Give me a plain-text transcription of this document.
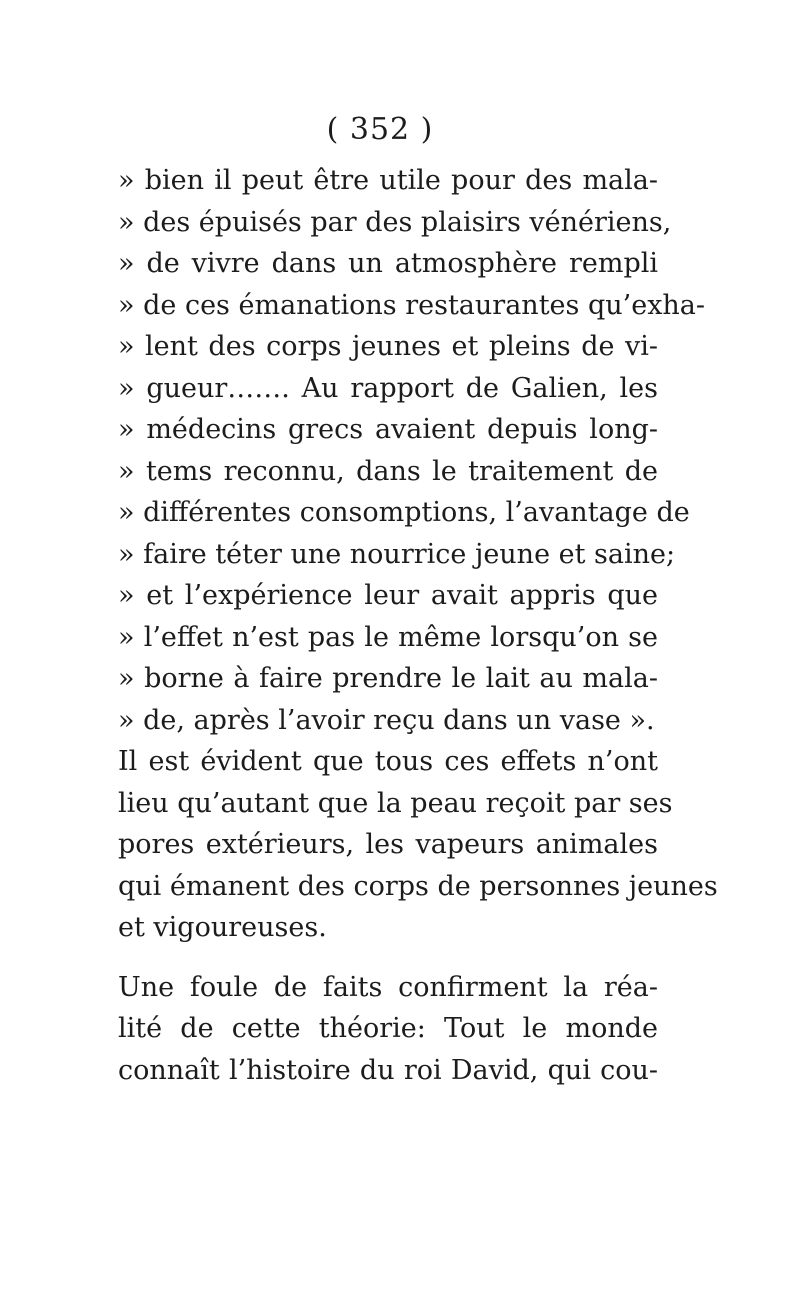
( 352 )
» bien il peut être utile pour des mala-
» des épuisés par des plaisirs vénériens,
» de vivre dans un atmosphère rempli
» de ces émanations restaurantes qu’exha-
» lent des corps jeunes et pleins de vi-
» gueur……. Au rapport de Galien, les
» médecins grecs avaient depuis long-
» tems reconnu, dans le traitement de
» différentes consomptions, l’avantage de
» faire téter une nourrice jeune et saine;
» et l’expérience leur avait appris que
» l’effet n’est pas le même lorsqu’on se
» borne à faire prendre le lait au mala-
» de, après l’avoir reçu dans un vase ».
Il est évident que tous ces effets n’ont
lieu qu’autant que la peau reçoit par ses
pores extérieurs, les vapeurs animales
qui émanent des corps de personnes jeunes
et vigoureuses.
Une foule de faits confirment la réa-
lité de cette théorie: Tout le monde
connaît l’histoire du roi David, qui cou-
